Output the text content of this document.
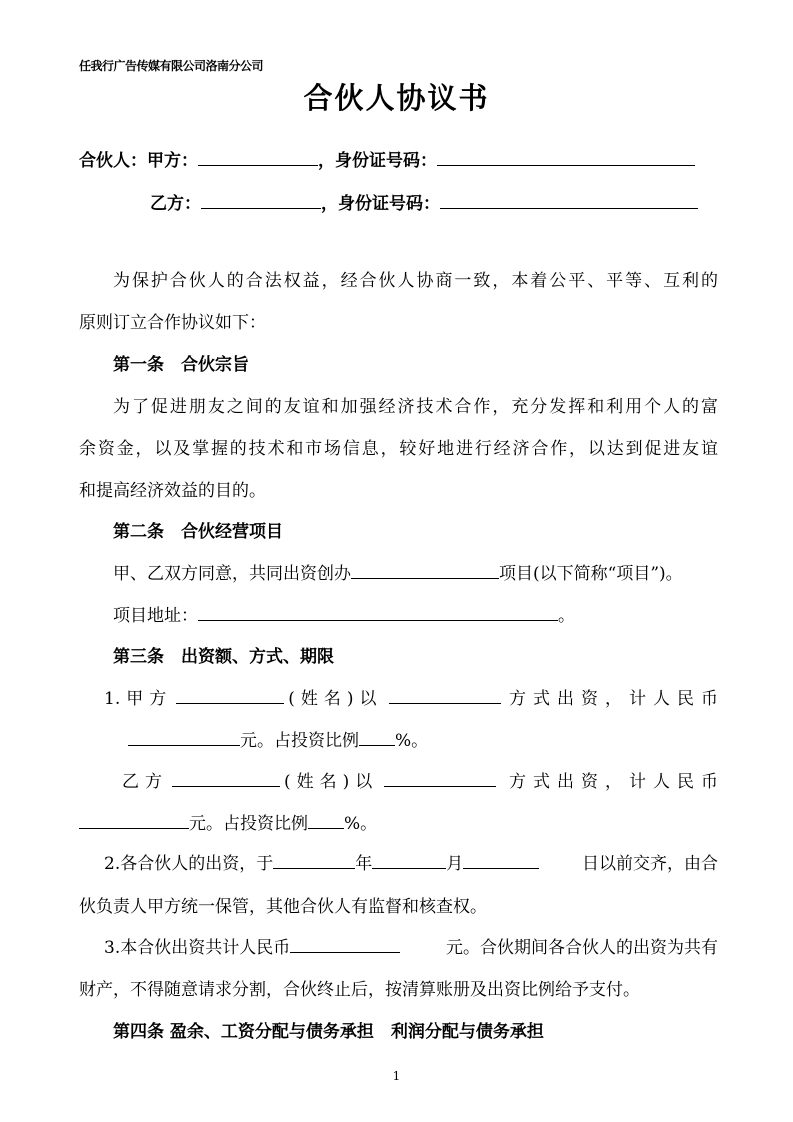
任我行广告传媒有限公司洛南分公司
合伙人协议书
合伙人：甲方：	，身份证号码：
乙方：	，身份证号码：
为保护合伙人的合法权益，经合伙人协商一致，本着公平、平等、互利的
原则订立合作协议如下：
第一条　合伙宗旨
为了促进朋友之间的友谊和加强经济技术合作，充分发挥和利用个人的富
余资金，以及掌握的技术和市场信息，较好地进行经济合作，以达到促进友谊
和提高经济效益的目的。
第二条　合伙经营项目
甲、乙双方同意，共同出资创办	项目(以下简称“项目”)。
项目地址：	。
第三条　出资额、方式、期限
1. 甲方	(姓名)以	方式出资，计人民币
元。占投资比例 %。
乙方	(姓名)以	方式出资，计人民币
元。占投资比例 %。
2.各合伙人的出资，于	年	月	日以前交齐，由合
伙负责人甲方统一保管，其他合伙人有监督和核查权。
3.本合伙出资共计人民币	元。合伙期间各合伙人的出资为共有
财产，不得随意请求分割，合伙终止后，按清算账册及出资比例给予支付。
第四条 盈余、工资分配与债务承担　利润分配与债务承担
1
